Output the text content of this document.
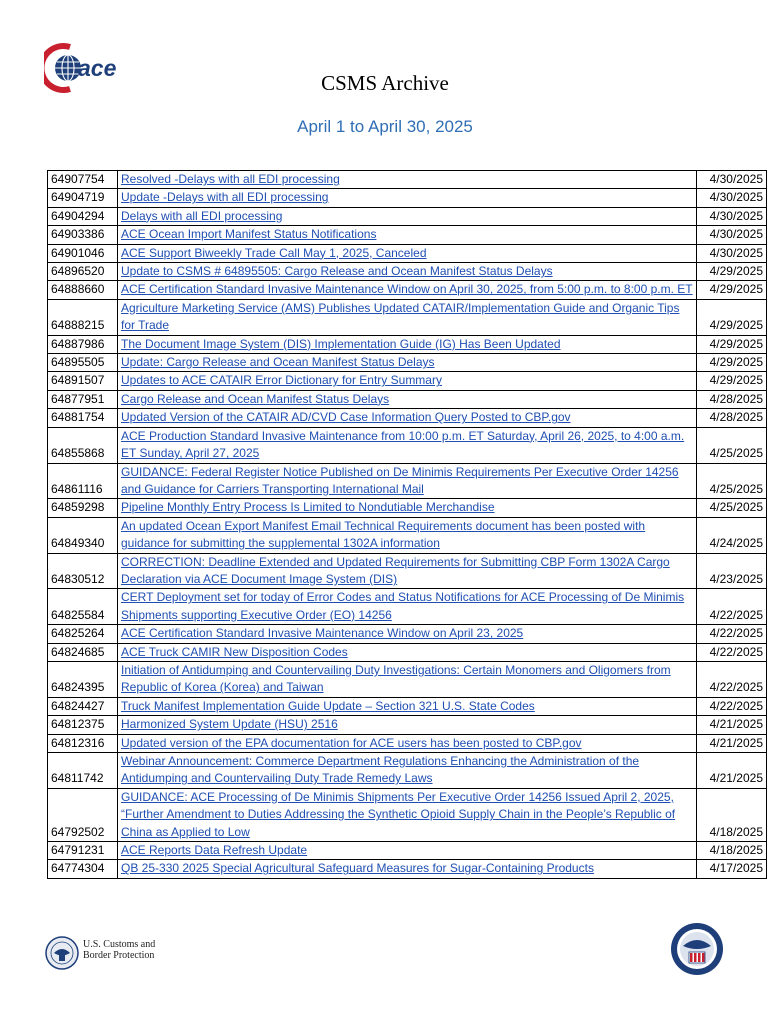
ace
CSMS Archive
April 1 to April 30, 2025
64907754	Resolved -Delays with all EDI processing	4/30/2025
64904719	Update -Delays with all EDI processing	4/30/2025
64904294	Delays with all EDI processing	4/30/2025
64903386	ACE Ocean Import Manifest Status Notifications	4/30/2025
64901046	ACE Support Biweekly Trade Call May 1, 2025, Canceled	4/30/2025
64896520	Update to CSMS # 64895505: Cargo Release and Ocean Manifest Status Delays	4/29/2025
64888660	ACE Certification Standard Invasive Maintenance Window on April 30, 2025, from 5:00 p.m. to 8:00 p.m. ET	4/29/2025
64888215	Agriculture Marketing Service (AMS) Publishes Updated CATAIR/Implementation Guide and Organic Tips for Trade	4/29/2025
64887986	The Document Image System (DIS) Implementation Guide (IG) Has Been Updated	4/29/2025
64895505	Update: Cargo Release and Ocean Manifest Status Delays	4/29/2025
64891507	Updates to ACE CATAIR Error Dictionary for Entry Summary	4/29/2025
64877951	Cargo Release and Ocean Manifest Status Delays	4/28/2025
64881754	Updated Version of the CATAIR AD/CVD Case Information Query Posted to CBP.gov	4/28/2025
64855868	ACE Production Standard Invasive Maintenance from 10:00 p.m. ET Saturday, April 26, 2025, to 4:00 a.m. ET Sunday, April 27, 2025	4/25/2025
64861116	GUIDANCE: Federal Register Notice Published on De Minimis Requirements Per Executive Order 14256 and Guidance for Carriers Transporting International Mail	4/25/2025
64859298	Pipeline Monthly Entry Process Is Limited to Nondutiable Merchandise	4/25/2025
64849340	An updated Ocean Export Manifest Email Technical Requirements document has been posted with guidance for submitting the supplemental 1302A information	4/24/2025
64830512	CORRECTION: Deadline Extended and Updated Requirements for Submitting CBP Form 1302A Cargo Declaration via ACE Document Image System (DIS)	4/23/2025
64825584	CERT Deployment set for today of Error Codes and Status Notifications for ACE Processing of De Minimis Shipments supporting Executive Order (EO) 14256	4/22/2025
64825264	ACE Certification Standard Invasive Maintenance Window on April 23, 2025	4/22/2025
64824685	ACE Truck CAMIR New Disposition Codes	4/22/2025
64824395	Initiation of Antidumping and Countervailing Duty Investigations: Certain Monomers and Oligomers from Republic of Korea (Korea) and Taiwan	4/22/2025
64824427	Truck Manifest Implementation Guide Update – Section 321 U.S. State Codes	4/22/2025
64812375	Harmonized System Update (HSU) 2516	4/21/2025
64812316	Updated version of the EPA documentation for ACE users has been posted to CBP.gov	4/21/2025
64811742	Webinar Announcement: Commerce Department Regulations Enhancing the Administration of the Antidumping and Countervailing Duty Trade Remedy Laws	4/21/2025
64792502	GUIDANCE: ACE Processing of De Minimis Shipments Per Executive Order 14256 Issued April 2, 2025, “Further Amendment to Duties Addressing the Synthetic Opioid Supply Chain in the People’s Republic of China as Applied to Low	4/18/2025
64791231	ACE Reports Data Refresh Update	4/18/2025
64774304	QB 25-330 2025 Special Agricultural Safeguard Measures for Sugar-Containing Products	4/17/2025
U.S. Customs and
Border Protection
